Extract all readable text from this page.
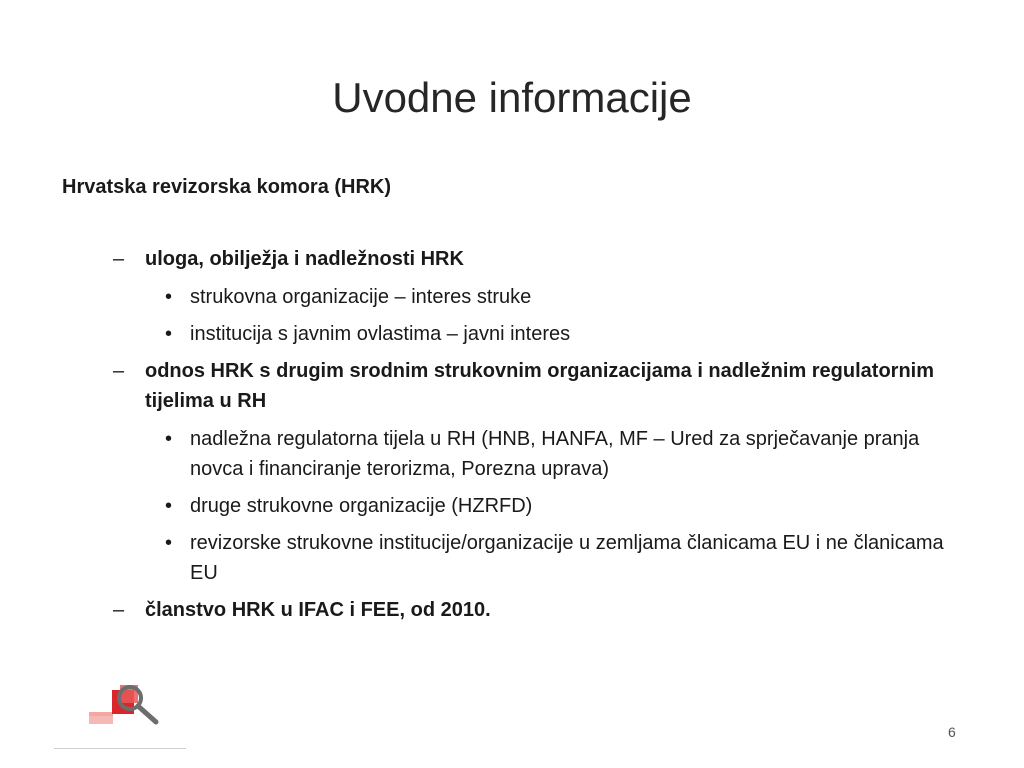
Uvodne informacije

Hrvatska revizorska komora (HRK)

– uloga, obilježja i nadležnosti HRK

• strukovna organizacije – interes struke

• institucija s javnim ovlastima – javni interes

– odnos HRK s drugim srodnim strukovnim organizacijama i nadležnim regulatornim tijelima u RH

• nadležna regulatorna tijela u RH (HNB, HANFA, MF – Ured za sprječavanje pranja novca i financiranje terorizma, Porezna uprava)

• druge strukovne organizacije (HZRFD)

• revizorske strukovne institucije/organizacije u zemljama članicama EU i ne članicama EU

– članstvo HRK u IFAC i FEE, od 2010.

6
